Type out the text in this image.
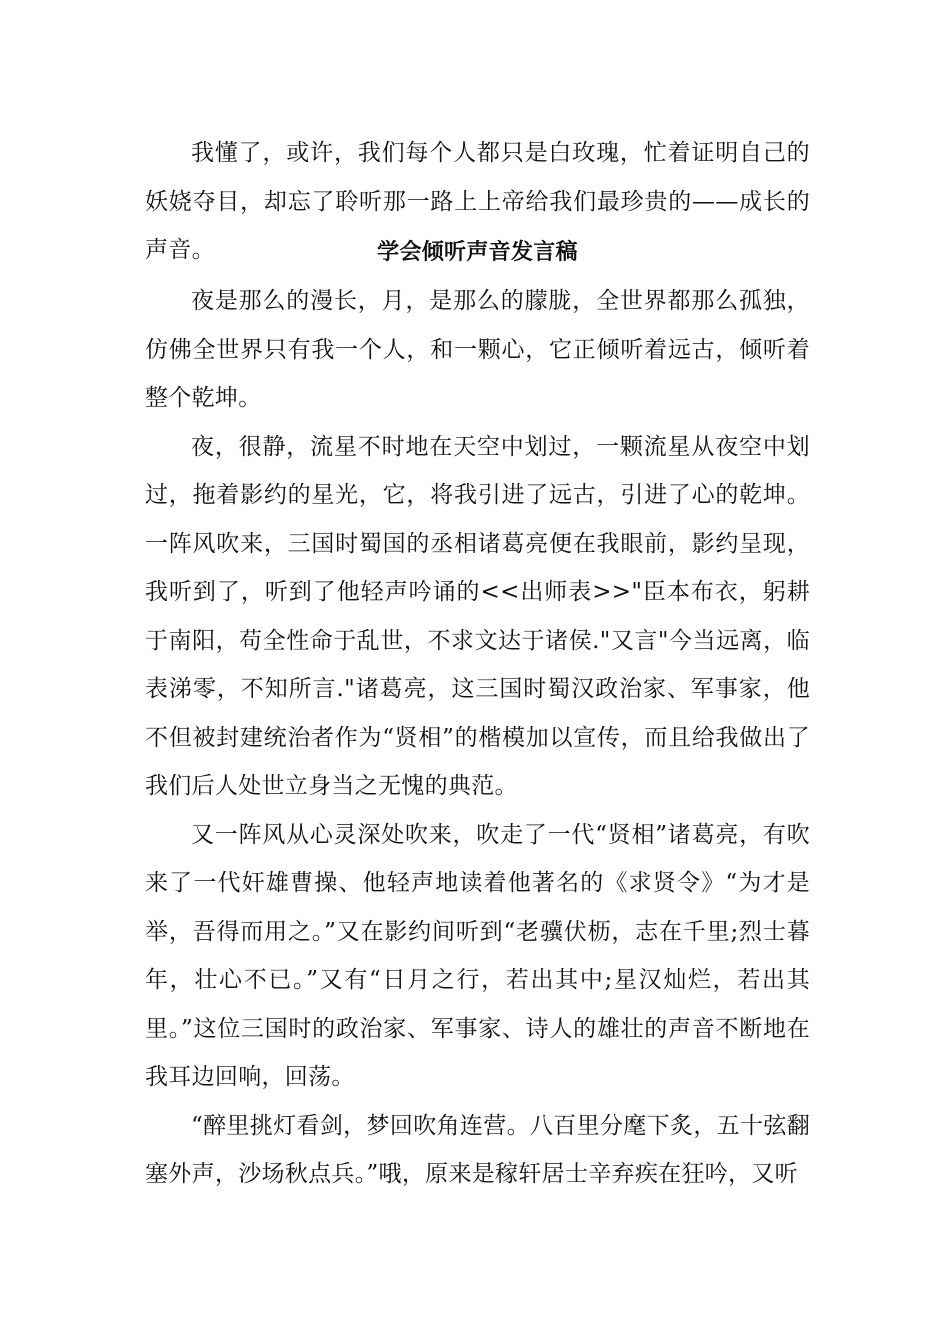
我懂了，或许，我们每个人都只是白玫瑰，忙着证明自己的妖娆夺目，却忘了聆听那一路上上帝给我们最珍贵的——成长的声音。	学会倾听声音发言稿

夜是那么的漫长，月，是那么的朦胧，全世界都那么孤独，仿佛全世界只有我一个人，和一颗心，它正倾听着远古，倾听着整个乾坤。

夜，很静，流星不时地在天空中划过，一颗流星从夜空中划过，拖着影约的星光，它，将我引进了远古，引进了心的乾坤。一阵风吹来，三国时蜀国的丞相诸葛亮便在我眼前，影约呈现，我听到了，听到了他轻声吟诵的<<出师表>>"臣本布衣，躬耕于南阳，苟全性命于乱世，不求文达于诸侯."又言"今当远离，临表涕零，不知所言."诸葛亮，这三国时蜀汉政治家、军事家，他不但被封建统治者作为“贤相”的楷模加以宣传，而且给我做出了我们后人处世立身当之无愧的典范。

又一阵风从心灵深处吹来，吹走了一代“贤相”诸葛亮，有吹来了一代奸雄曹操、他轻声地读着他著名的《求贤令》“为才是举，吾得而用之。”又在影约间听到“老骥伏枥，志在千里;烈士暮年，壮心不已。”又有“日月之行，若出其中;星汉灿烂，若出其里。”这位三国时的政治家、军事家、诗人的雄壮的声音不断地在我耳边回响，回荡。

“醉里挑灯看剑，梦回吹角连营。八百里分麾下炙，五十弦翻塞外声，沙场秋点兵。”哦，原来是稼轩居士辛弃疾在狂吟，又听
